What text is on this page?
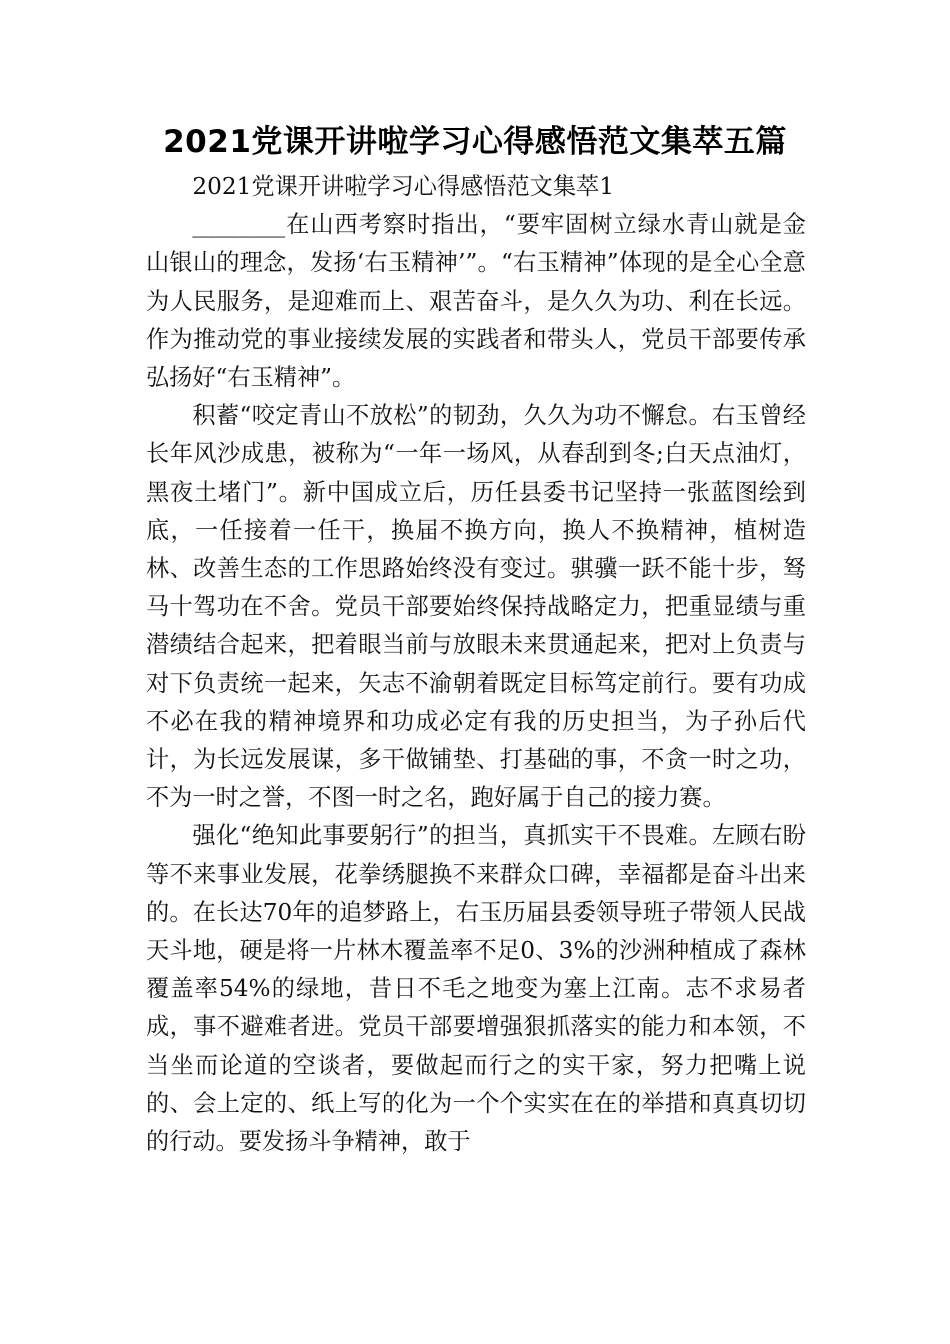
2021党课开讲啦学习心得感悟范文集萃五篇

2021党课开讲啦学习心得感悟范文集萃1

________在山西考察时指出，“要牢固树立绿水青山就是金山银山的理念，发扬‘右玉精神’”。“右玉精神”体现的是全心全意为人民服务，是迎难而上、艰苦奋斗，是久久为功、利在长远。作为推动党的事业接续发展的实践者和带头人，党员干部要传承弘扬好“右玉精神”。

积蓄“咬定青山不放松”的韧劲，久久为功不懈怠。右玉曾经长年风沙成患，被称为“一年一场风，从春刮到冬;白天点油灯，黑夜土堵门”。新中国成立后，历任县委书记坚持一张蓝图绘到底，一任接着一任干，换届不换方向，换人不换精神，植树造林、改善生态的工作思路始终没有变过。骐骥一跃不能十步，驽马十驾功在不舍。党员干部要始终保持战略定力，把重显绩与重潜绩结合起来，把着眼当前与放眼未来贯通起来，把对上负责与对下负责统一起来，矢志不渝朝着既定目标笃定前行。要有功成不必在我的精神境界和功成必定有我的历史担当，为子孙后代计，为长远发展谋，多干做铺垫、打基础的事，不贪一时之功，不为一时之誉，不图一时之名，跑好属于自己的接力赛。

强化“绝知此事要躬行”的担当，真抓实干不畏难。左顾右盼等不来事业发展，花拳绣腿换不来群众口碑，幸福都是奋斗出来的。在长达70年的追梦路上，右玉历届县委领导班子带领人民战天斗地，硬是将一片林木覆盖率不足0、3%的沙洲种植成了森林覆盖率54%的绿地，昔日不毛之地变为塞上江南。志不求易者成，事不避难者进。党员干部要增强狠抓落实的能力和本领，不当坐而论道的空谈者，要做起而行之的实干家，努力把嘴上说的、会上定的、纸上写的化为一个个实实在在的举措和真真切切的行动。要发扬斗争精神，敢于
